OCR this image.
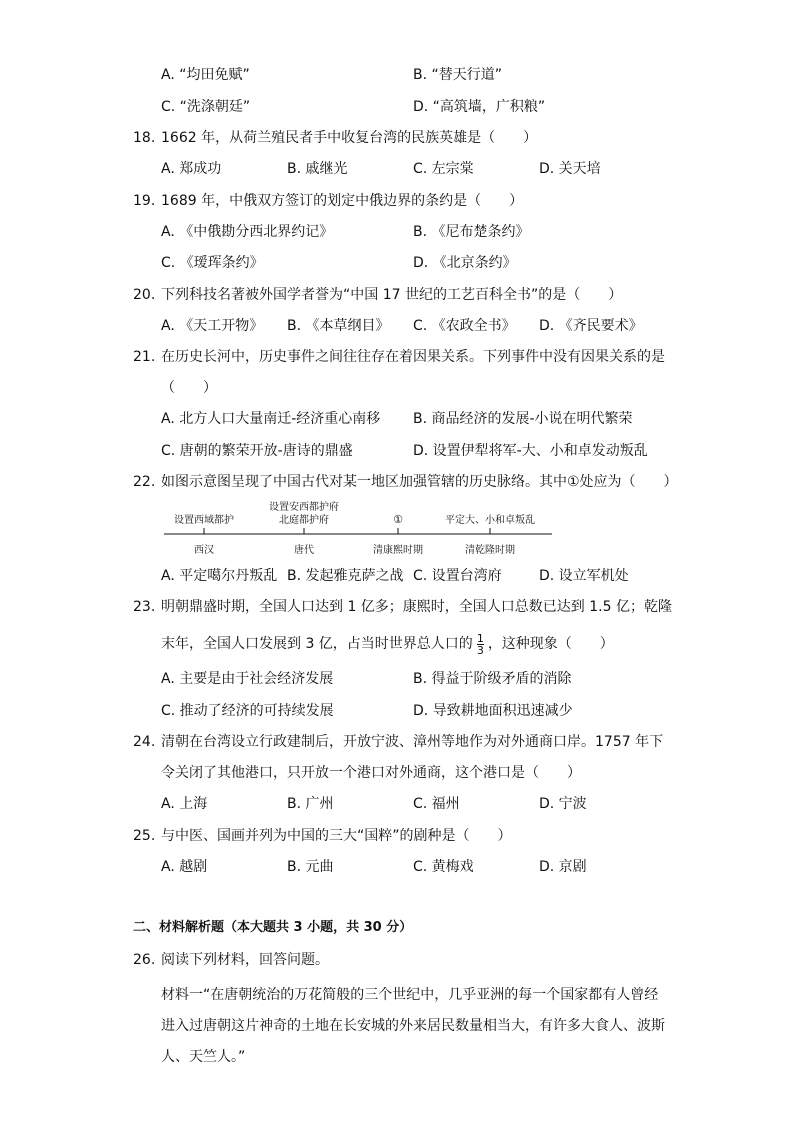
A. “均田免赋”	B. “替天行道”
C. “洗涤朝廷”	D. “高筑墙，广积粮”
18. 1662 年，从荷兰殖民者手中收复台湾的民族英雄是（　　）
A. 郑成功	B. 戚继光	C. 左宗棠	D. 关天培
19. 1689 年，中俄双方签订的划定中俄边界的条约是（　　）
A. 《中俄勘分西北界约记》	B. 《尼布楚条约》
C. 《瑷珲条约》	D. 《北京条约》
20. 下列科技名著被外国学者誉为“中国 17 世纪的工艺百科全书”的是（　　）
A. 《天工开物》 B. 《本草纲目》 C. 《农政全书》 D. 《齐民要术》
21. 在历史长河中，历史事件之间往往存在着因果关系。下列事件中没有因果关系的是
（　　）
A. 北方人口大量南迁-经济重心南移 B. 商品经济的发展-小说在明代繁荣
C. 唐朝的繁荣开放-唐诗的鼎盛	D. 设置伊犁将军-大、小和卓发动叛乱
22. 如图示意图呈现了中国古代对某一地区加强管辖的历史脉络。其中①处应为（　　）
设置西域都护
设置安西都护府
北庭都护府	①	平定大、小和卓叛乱
西汉	唐代	清康熙时期	清乾隆时期
A. 平定噶尔丹叛乱 B. 发起雅克萨之战 C. 设置台湾府	D. 设立军机处
23. 明朝鼎盛时期，全国人口达到 1 亿多；康熙时，全国人口总数已达到 1.5 亿；乾隆
末年，全国人口发展到 3 亿，占当时世界总人口的 $\frac{1}{3}$ ，这种现象（　　）
A. 主要是由于社会经济发展	B. 得益于阶级矛盾的消除
C. 推动了经济的可持续发展	D. 导致耕地面积迅速减少
24. 清朝在台湾设立行政建制后，开放宁波、漳州等地作为对外通商口岸。1757 年下
令关闭了其他港口，只开放一个港口对外通商，这个港口是（　　）
A. 上海	B. 广州	C. 福州	D. 宁波
25. 与中医、国画并列为中国的三大“国粹”的剧种是（　　）
A. 越剧	B. 元曲	C. 黄梅戏	D. 京剧
二、材料解析题（本大题共 3 小题，共 30 分）
26. 阅读下列材料，回答问题。
材料一“在唐朝统治的万花简般的三个世纪中，几乎亚洲的每一个国家都有人曾经
进入过唐朝这片神奇的土地在长安城的外来居民数量相当大，有许多大食人、波斯
人、天竺人。”
